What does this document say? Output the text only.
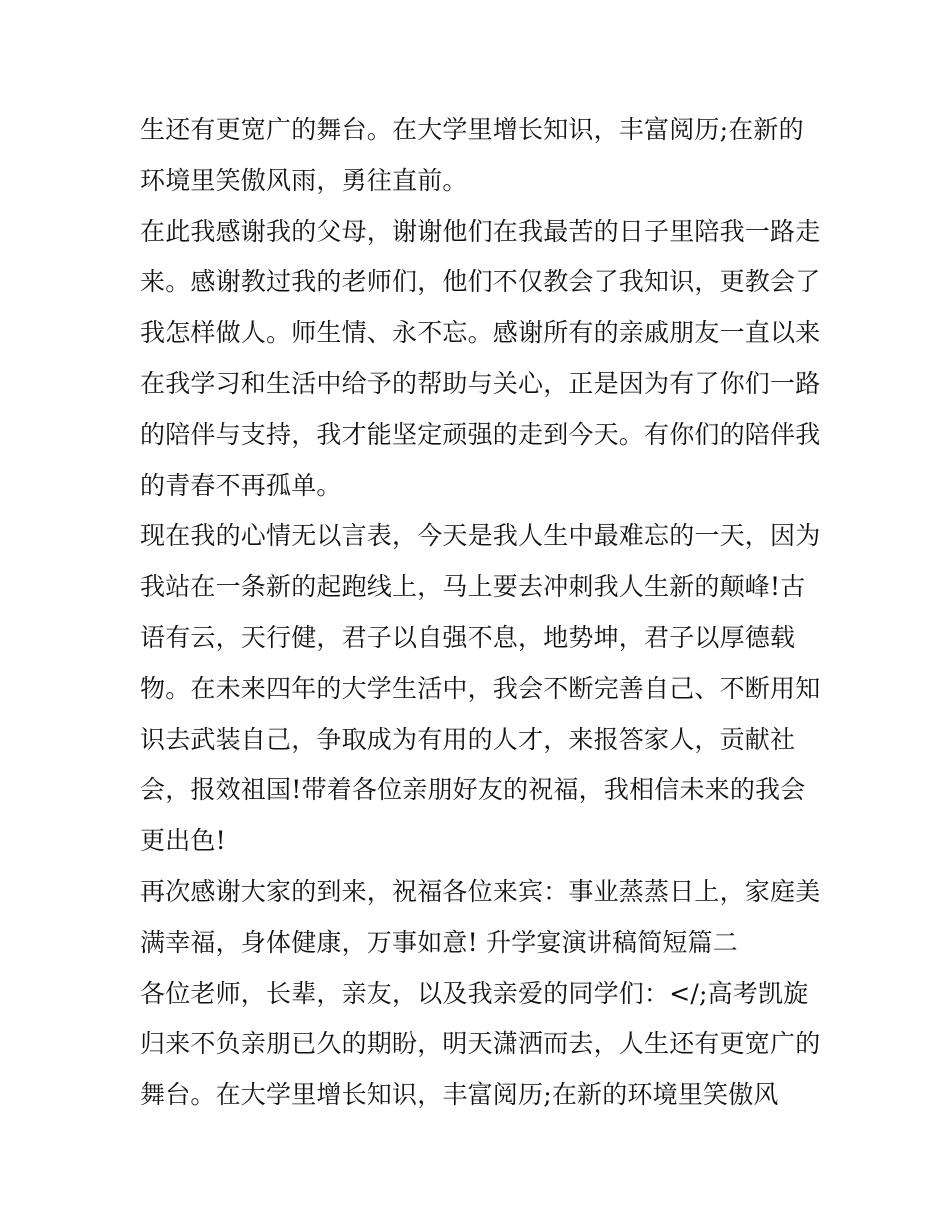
生还有更宽广的舞台。在大学里增长知识，丰富阅历;在新的
环境里笑傲风雨，勇往直前。
在此我感谢我的父母，谢谢他们在我最苦的日子里陪我一路走
来。感谢教过我的老师们，他们不仅教会了我知识，更教会了
我怎样做人。师生情、永不忘。感谢所有的亲戚朋友一直以来
在我学习和生活中给予的帮助与关心，正是因为有了你们一路
的陪伴与支持，我才能坚定顽强的走到今天。有你们的陪伴我
的青春不再孤单。
现在我的心情无以言表，今天是我人生中最难忘的一天，因为
我站在一条新的起跑线上，马上要去冲刺我人生新的颠峰!古
语有云，天行健，君子以自强不息，地势坤，君子以厚德载
物。在未来四年的大学生活中，我会不断完善自己、不断用知
识去武装自己，争取成为有用的人才，来报答家人，贡献社
会，报效祖国!带着各位亲朋好友的祝福，我相信未来的我会
更出色!
再次感谢大家的到来，祝福各位来宾：事业蒸蒸日上，家庭美
满幸福，身体健康，万事如意! 升学宴演讲稿简短篇二
各位老师，长辈，亲友，以及我亲爱的同学们：</;高考凯旋
归来不负亲朋已久的期盼，明天潇洒而去，人生还有更宽广的
舞台。在大学里增长知识，丰富阅历;在新的环境里笑傲风
